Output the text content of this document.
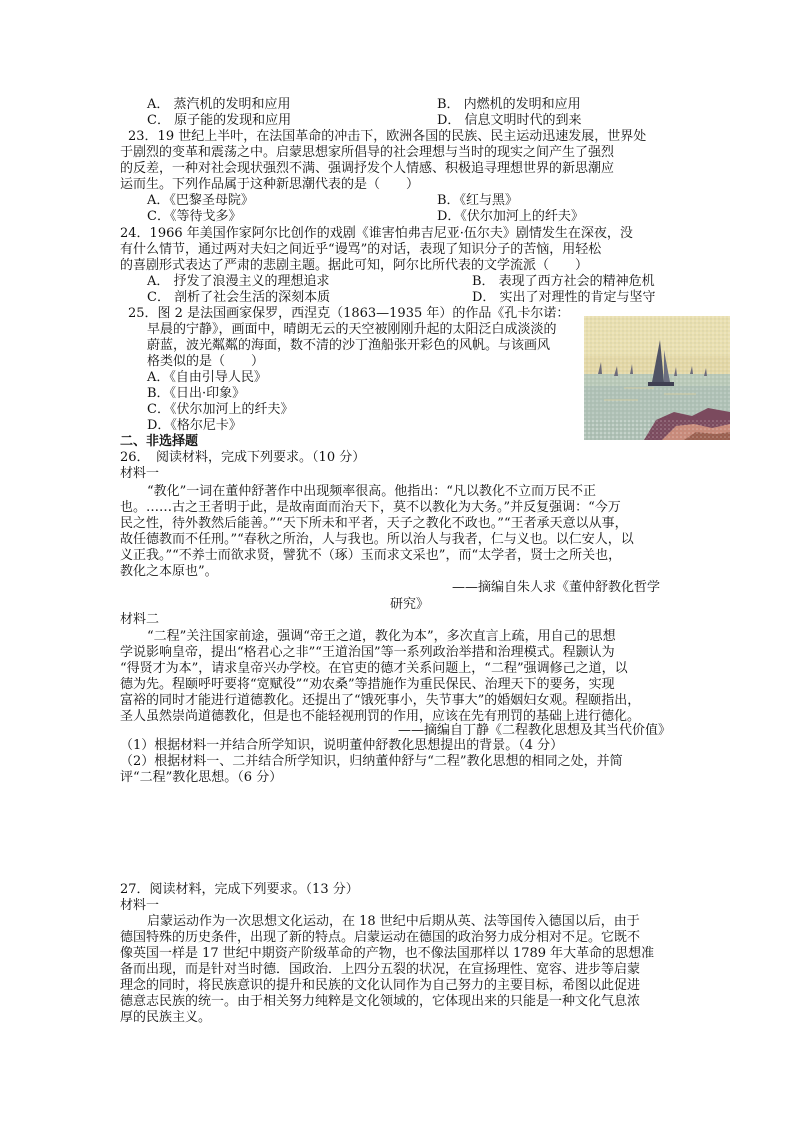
A． 蒸汽机的发明和应用	B． 内燃机的发明和应用
C． 原子能的发现和应用	D． 信息文明时代的到来
23．19 世纪上半叶，在法国革命的冲击下，欧洲各国的民族、民主运动迅速发展，世界处
于剧烈的变革和震荡之中。启蒙思想家所倡导的社会理想与当时的现实之间产生了强烈
的反差，一种对社会现状强烈不满、强调抒发个人情感、积极追寻理想世界的新思潮应
运而生。下列作品属于这种新思潮代表的是（　　）
A．《巴黎圣母院》	B．《红与黑》
C．《等待戈多》	D．《伏尔加河上的纤夫》
24．1966 年美国作家阿尔比创作的戏剧《谁害怕弗吉尼亚·伍尔夫》剧情发生在深夜，没
有什么情节，通过两对夫妇之间近乎“谩骂”的对话，表现了知识分子的苦恼，用轻松
的喜剧形式表达了严肃的悲剧主题。据此可知，阿尔比所代表的文学流派（　　）
A． 抒发了浪漫主义的理想追求	B． 表现了西方社会的精神危机
C． 剖析了社会生活的深刻本质	D． 实出了对理性的肯定与坚守
25．图 2 是法国画家保罗，西涅克（1863—1935 年）的作品《孔卡尔诺：
早晨的宁静》，画面中，晴朗无云的天空被刚刚升起的太阳泛白成淡淡的
蔚蓝，波光粼粼的海面，数不清的沙丁渔船张开彩色的风帆。与该画风
格类似的是（　　）
A．《自由引导人民》
B．《日出·印象》
C．《伏尔加河上的纤夫》
D．《格尔尼卡》
二、非选择题
26．　阅读材料，完成下列要求。（10 分）
材料一
“教化”一词在董仲舒著作中出现频率很高。他指出：“凡以教化不立而万民不正
也。……古之王者明于此，是故南面而治天下，莫不以教化为大务。”并反复强调：“今万
民之性，待外教然后能善。”“天下所未和平者，天子之教化不政也。”“王者承天意以从事，
故任德教而不任刑。”“春秋之所治，人与我也。所以治人与我者，仁与义也。以仁安人，以
义正我。”“不养士而欲求贤，譬犹不（琢）玉而求文采也”，而“太学者，贤士之所关也，
教化之本原也”。
——摘编自朱人求《董仲舒教化哲学
研究》
材料二
“二程”关注国家前途，强调“帝王之道，教化为本”，多次直言上疏，用自己的思想
学说影响皇帝，提出“格君心之非”“王道治国”等一系列政治举措和治理模式。程颢认为
“得贤才为本”，请求皇帝兴办学校。在官吏的德才关系问题上，“二程”强调修己之道，以
德为先。程颐呼吁要将“宽赋役”“劝农桑”等措施作为重民保民、治理天下的要务，实现
富裕的同时才能进行道德教化。还提出了“饿死事小，失节事大”的婚姻妇女观。程颐指出，
圣人虽然崇尚道德教化，但是也不能轻视刑罚的作用，应该在先有刑罚的基础上进行德化。
——摘编自丁静《二程教化思想及其当代价值》
（1）根据材料一并结合所学知识，说明董仲舒教化思想提出的背景。（4 分）
（2）根据材料一、二并结合所学知识，归纳董仲舒与“二程”教化思想的相同之处，并简
评“二程”教化思想。（6 分）
27．阅读材料，完成下列要求。（13 分）
材料一
启蒙运动作为一次思想文化运动，在 18 世纪中后期从英、法等国传入德国以后，由于
德国特殊的历史条件，出现了新的特点。启蒙运动在德国的政治努力成分相对不足。它既不
像英国一样是 17 世纪中期资产阶级革命的产物，也不像法国那样以 1789 年大革命的思想准
备而出现，而是针对当时德．国政治．上四分五裂的状况，在宣扬理性、宽容、进步等启蒙
理念的同时，将民族意识的提升和民族的文化认同作为自己努力的主要目标，希图以此促进
德意志民族的统一。由于相关努力纯粹是文化领域的，它体现出来的只能是一种文化气息浓
厚的民族主义。
